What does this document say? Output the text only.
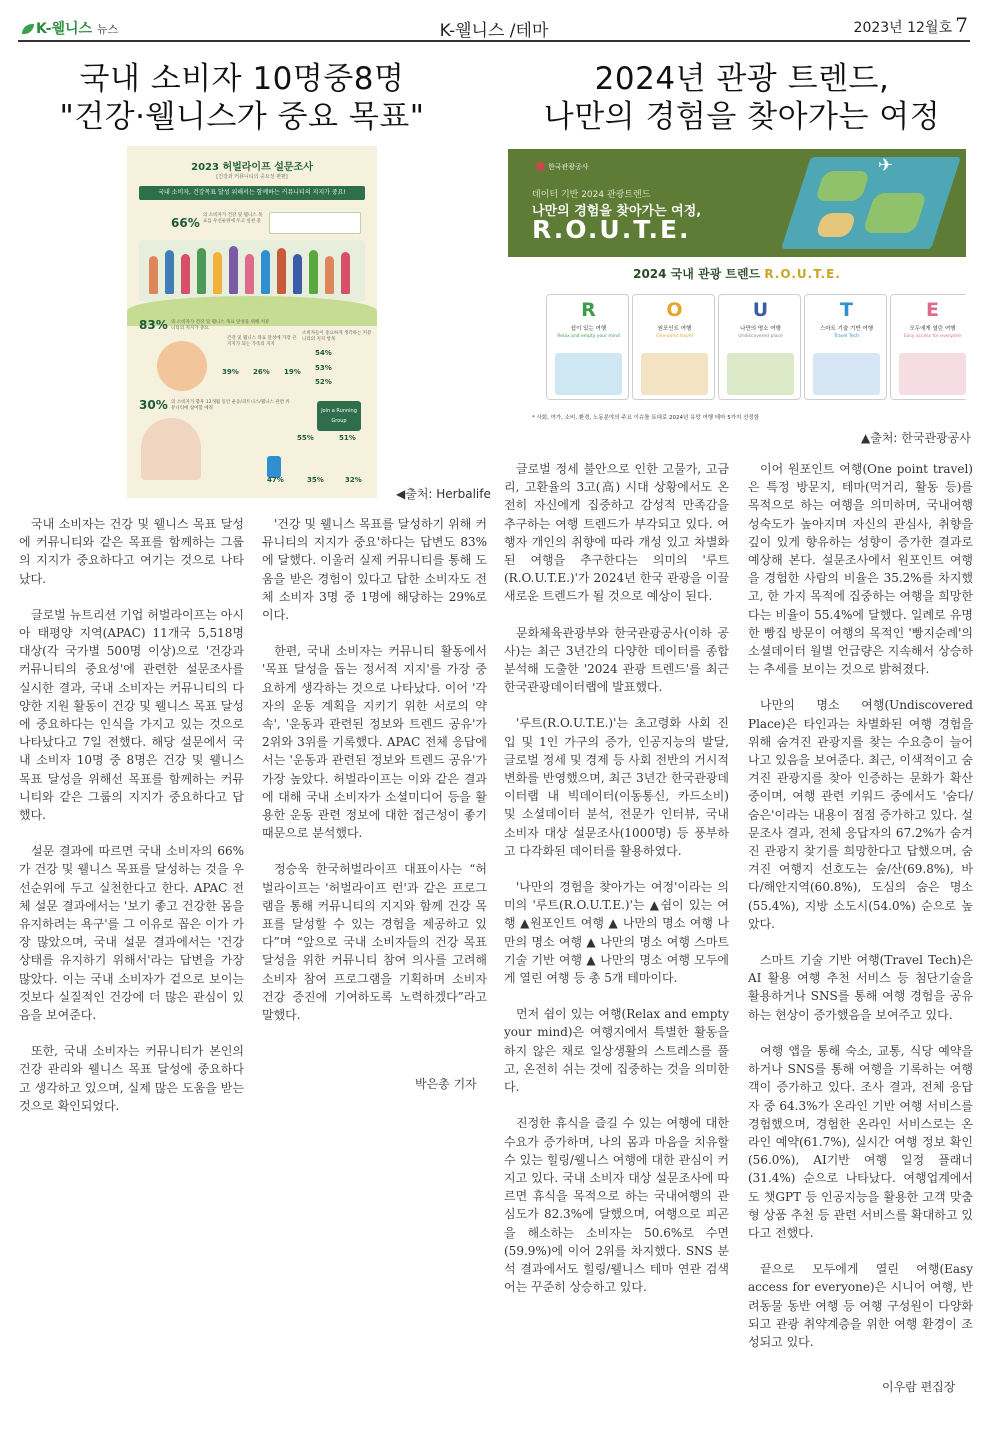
K-웰니스 뉴스	K-웰니스 /테마	2023년 12월호 7
국내 소비자 10명중8명
"건강·웰니스가 중요 목표"
2024년 관광 트렌드,
나만의 경험을 찾아가는 여정
2023 허벌라이프 설문조사
[건강과 커뮤니티의 중요성 편편]
국내 소비자, 건강목표 달성 위해서는 함께하는 커뮤니티의 지지가 중요!
66%
의 소비자가 건강 및 웰니스 목표를 우선순위에 두고 실천 중
83% 의 소비자가 건강 및 웰니스 목표 달성을 위해 커뮤니티의 지지가 중요
건강 및 웰니스 목표 달성에 가장 큰 지지가 되는 가족의 지지
39% 26% 19%
소비자들이 중요하게 생각하는 커뮤니티의 지지 항목
54%
53%
52%
30% 의 소비자가 향후 12개월 동안 운동/피트니스/웰니스 관련 커뮤니티에 참여할 예정	Join a Running Group
55%	51%
47%	35%	32%
◀출처: Herbalife
한국관광공사
데이터 기반 2024 관광트렌드
나만의 경험을 찾아가는 여정,
R.O.U.T.E.
✈
2024 국내 관광 트렌드 R.O.U.T.E.
R
쉼이 있는 여행
Relax and empty your mind
O
원포인트 여행
One-point travel
U
나만의 명소 여행
Undiscovered place
T
스마트 기술 기반 여행
Travel Tech
E
모두에게 열린 여행
Easy access for everyone
* 사회, 여가, 소비, 환경, 노동분야의 주요 이슈를 토대로 2024년 유망 여행 테마 5가지 선정함
▲출처: 한국관광공사

국내 소비자는 건강 및 웰니스 목표 달성에 커뮤니티와 같은 목표를 함께하는 그룹의 지지가 중요하다고 여기는 것으로 나타났다.

글로벌 뉴트리션 기업 허벌라이프는 아시아 태평양 지역(APAC) 11개국 5,518명 대상(각 국가별 500명 이상)으로 '건강과 커뮤니티의 중요성'에 관련한 설문조사를 실시한 결과, 국내 소비자는 커뮤니티의 다양한 지원 활동이 건강 및 웰니스 목표 달성에 중요하다는 인식을 가지고 있는 것으로 나타났다고 7일 전했다. 해당 설문에서 국내 소비자 10명 중 8명은 건강 및 웰니스 목표 달성을 위해선 목표를 함께하는 커뮤니티와 같은 그룹의 지지가 중요하다고 답했다.

설문 결과에 따르면 국내 소비자의 66%가 건강 및 웰니스 목표를 달성하는 것을 우선순위에 두고 실천한다고 한다. APAC 전체 설문 결과에서는 '보기 좋고 건강한 몸을 유지하려는 욕구'를 그 이유로 꼽은 이가 가장 많았으며, 국내 설문 결과에서는 '건강 상태를 유지하기 위해서'라는 답변을 가장 많았다. 이는 국내 소비자가 겉으로 보이는 것보다 실질적인 건강에 더 많은 관심이 있음을 보여준다.

또한, 국내 소비자는 커뮤니티가 본인의 건강 관리와 웰니스 목표 달성에 중요하다고 생각하고 있으며, 실제 많은 도움을 받는 것으로 확인되었다.

'건강 및 웰니스 목표를 달성하기 위해 커뮤니티의 지지가 중요'하다는 답변도 83%에 달했다. 이울러 실제 커뮤니티를 통해 도움을 받은 경험이 있다고 답한 소비자도 전체 소비자 3명 중 1명에 해당하는 29%로 이다.

한편, 국내 소비자는 커뮤니티 활동에서 '목표 달성을 돕는 정서적 지지'를 가장 중요하게 생각하는 것으로 나타났다. 이어 '각자의 운동 계획을 지키기 위한 서로의 약속', '운동과 관련된 정보와 트렌드 공유'가 2위와 3위를 기록했다. APAC 전체 응답에서는 '운동과 관련된 정보와 트렌드 공유'가 가장 높았다. 허벌라이프는 이와 같은 결과에 대해 국내 소비자가 소셜미디어 등을 활용한 운동 관련 정보에 대한 접근성이 좋기 때문으로 분석했다.

정승욱 한국허벌라이프 대표이사는 “허벌라이프는 '허벌라이프 런'과 같은 프로그램을 통해 커뮤니티의 지지와 함께 건강 목표를 달성할 수 있는 경험을 제공하고 있다”며 “앞으로 국내 소비자들의 건강 목표 달성을 위한 커뮤니티 참여 의사를 고려해 소비자 참여 프로그램을 기획하며 소비자 건강 증진에 기여하도록 노력하겠다”라고 말했다.

박은총 기자

글로벌 정세 불안으로 인한 고물가, 고금리, 고환율의 3고(高) 시대 상황에서도 온전히 자신에게 집중하고 감성적 만족감을 추구하는 여행 트렌드가 부각되고 있다. 여행자 개인의 취향에 따라 개성 있고 차별화된 여행을 추구한다는 의미의 '루트(R.O.U.T.E.)'가 2024년 한국 관광을 이끌 새로운 트렌드가 될 것으로 예상이 된다.

문화체육관광부와 한국관광공사(이하 공사)는 최근 3년간의 다양한 데이터를 종합 분석해 도출한 '2024 관광 트렌드'를 최근 한국관광데이터랩에 발표했다.

'루트(R.O.U.T.E.)'는 초고령화 사회 진입 및 1인 가구의 증가, 인공지능의 발달, 글로벌 정세 및 경제 등 사회 전반의 거시적 변화를 반영했으며, 최근 3년간 한국관광데이터랩 내 빅데이터(이동통신, 카드소비) 및 소셜데이터 분석, 전문가 인터뷰, 국내 소비자 대상 설문조사(1000명) 등 풍부하고 다각화된 데이터를 활용하였다.

'나만의 경험을 찾아가는 여정'이라는 의미의 '루트(R.O.U.T.E.)'는 ▲쉼이 있는 여행 ▲원포인트 여행 ▲ 나만의 명소 여행 나만의 명소 여행 ▲ 나만의 명소 여행 스마트 기술 기반 여행 ▲ 나만의 명소 여행 모두에게 열린 여행 등 총 5개 테마이다.

먼저 쉼이 있는 여행(Relax and empty your mind)은 여행지에서 특별한 활동을 하지 않은 채로 일상생활의 스트레스를 풀고, 온전히 쉬는 것에 집중하는 것을 의미한다.

진정한 휴식을 즐길 수 있는 여행에 대한 수요가 증가하며, 나의 몸과 마음을 치유할 수 있는 힐링/웰니스 여행에 대한 관심이 커지고 있다. 국내 소비자 대상 설문조사에 따르면 휴식을 목적으로 하는 국내여행의 관심도가 82.3%에 달했으며, 여행으로 피곤을 해소하는 소비자는 50.6%로 수면(59.9%)에 이어 2위를 차지했다. SNS 분석 결과에서도 힐링/웰니스 테마 연관 검색어는 꾸준히 상승하고 있다.

이어 원포인트 여행(One point travel)은 특정 방문지, 테마(먹거리, 활동 등)를 목적으로 하는 여행을 의미하며, 국내여행 성숙도가 높아지며 자신의 관심사, 취향을 깊이 있게 향유하는 성향이 증가한 결과로 예상해 본다. 설문조사에서 원포인트 여행을 경험한 사람의 비율은 35.2%를 차지했고, 한 가지 목적에 집중하는 여행을 희망한다는 비율이 55.4%에 달했다. 일례로 유명한 빵집 방문이 여행의 목적인 '빵지순례'의 소셜데이터 월별 언급량은 지속해서 상승하는 추세를 보이는 것으로 밝혀졌다.

나만의 명소 여행(Undiscovered Place)은 타인과는 차별화된 여행 경험을 위해 숨겨진 관광지를 찾는 수요층이 늘어나고 있음을 보여준다. 최근, 이색적이고 숨겨진 관광지를 찾아 인증하는 문화가 확산 중이며, 여행 관련 키워드 중에서도 '숨다/숨은'이라는 내용이 점점 증가하고 있다. 설문조사 결과, 전체 응답자의 67.2%가 숨겨진 관광지 찾기를 희망한다고 답했으며, 숨겨진 여행지 선호도는 숲/산(69.8%), 바다/해안지역(60.8%), 도심의 숨은 명소(55.4%), 지방 소도시(54.0%) 순으로 높았다.

스마트 기술 기반 여행(Travel Tech)은 AI 활용 여행 추천 서비스 등 첨단기술을 활용하거나 SNS를 통해 여행 경험을 공유하는 현상이 증가했음을 보여주고 있다.

여행 앱을 통해 숙소, 교통, 식당 예약을 하거나 SNS를 통해 여행을 기록하는 여행객이 증가하고 있다. 조사 결과, 전체 응답자 중 64.3%가 온라인 기반 여행 서비스를 경험했으며, 경험한 온라인 서비스로는 온라인 예약(61.7%), 실시간 여행 정보 확인(56.0%), AI기반 여행 일정 플래너(31.4%) 순으로 나타났다. 여행업계에서도 챗GPT 등 인공지능을 활용한 고객 맞춤형 상품 추천 등 관련 서비스를 확대하고 있다고 전했다.

끝으로 모두에게 열린 여행(Easy access for everyone)은 시니어 여행, 반려동물 동반 여행 등 여행 구성원이 다양화되고 관광 취약계층을 위한 여행 환경이 조성되고 있다.

이우람 편집장
